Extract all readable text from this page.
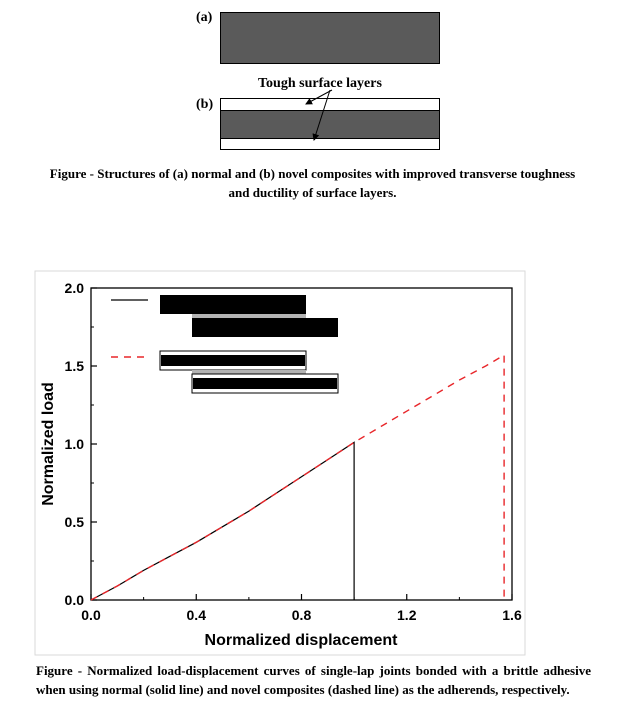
(a)
Tough surface layers
(b)
Figure - Structures of (a) normal and (b) novel composites with improved transverse toughness and ductility of surface layers.
0.0
0.5
1.0
1.5
2.0
0.0	0.4	0.8	1.2	1.6
Normalized displacement
Normalized load
Figure - Normalized load-displacement curves of single-lap joints bonded with a brittle adhesive when using normal (solid line) and novel composites (dashed line) as the adherends, respectively.
